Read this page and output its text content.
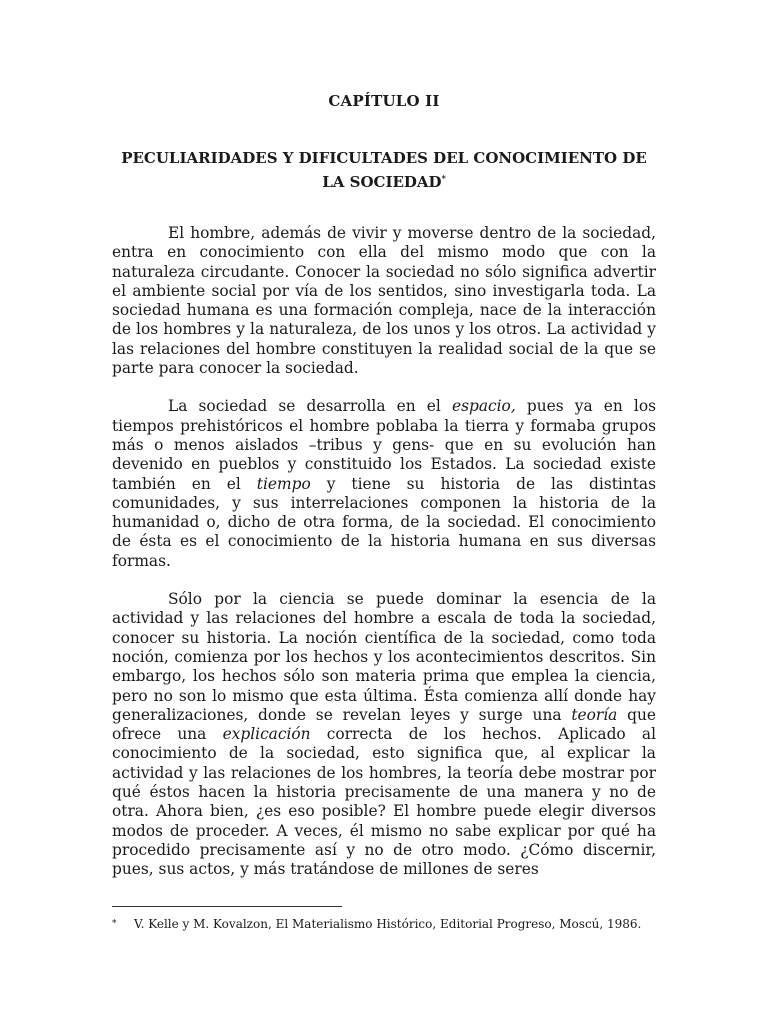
CAPÍTULO II
PECULIARIDADES Y DIFICULTADES DEL CONOCIMIENTO DE LA SOCIEDAD*

El hombre, además de vivir y moverse dentro de la sociedad, entra en conocimiento con ella del mismo modo que con la naturaleza circudante. Conocer la sociedad no sólo significa advertir el ambiente social por vía de los sentidos, sino investigarla toda. La sociedad humana es una formación compleja, nace de la interacción de los hombres y la naturaleza, de los unos y los otros. La actividad y las relaciones del hombre constituyen la realidad social de la que se parte para conocer la sociedad.

La sociedad se desarrolla en el espacio, pues ya en los tiempos prehistóricos el hombre poblaba la tierra y formaba grupos más o menos aislados –tribus y gens- que en su evolución han devenido en pueblos y constituido los Estados. La sociedad existe también en el tiempo y tiene su historia de las distintas comunidades, y sus interrelaciones componen la historia de la humanidad o, dicho de otra forma, de la sociedad. El conocimiento de ésta es el conocimiento de la historia humana en sus diversas formas.

Sólo por la ciencia se puede dominar la esencia de la actividad y las relaciones del hombre a escala de toda la sociedad, conocer su historia. La noción científica de la sociedad, como toda noción, comienza por los hechos y los acontecimientos descritos. Sin embargo, los hechos sólo son materia prima que emplea la ciencia, pero no son lo mismo que esta última. Ésta comienza allí donde hay generalizaciones, donde se revelan leyes y surge una teoría que ofrece una explicación correcta de los hechos. Aplicado al conocimiento de la sociedad, esto significa que, al explicar la actividad y las relaciones de los hombres, la teoría debe mostrar por qué éstos hacen la historia precisamente de una manera y no de otra. Ahora bien, ¿es eso posible? El hombre puede elegir diversos modos de proceder. A veces, él mismo no sabe explicar por qué ha procedido precisamente así y no de otro modo. ¿Cómo discernir, pues, sus actos, y más tratándose de millones de seres

* V. Kelle y M. Kovalzon, El Materialismo Histórico, Editorial Progreso, Moscú, 1986.
